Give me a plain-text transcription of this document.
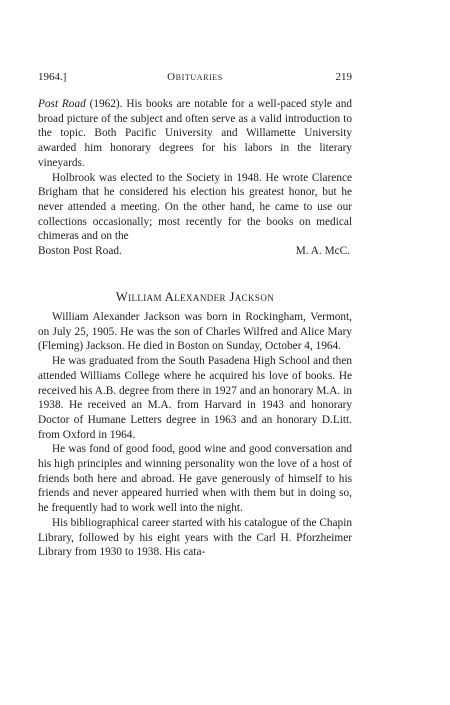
1964.]	Obituaries	219

Post Road (1962). His books are notable for a well-paced style and broad picture of the subject and often serve as a valid introduction to the topic. Both Pacific University and Willamette University awarded him honorary degrees for his labors in the literary vineyards.

Holbrook was elected to the Society in 1948. He wrote Clarence Brigham that he considered his election his greatest honor, but he never attended a meeting. On the other hand, he came to use our collections occasionally; most recently for the books on medical chimeras and on the

Boston Post Road.	M. A. McC.

William Alexander Jackson

William Alexander Jackson was born in Rockingham, Vermont, on July 25, 1905. He was the son of Charles Wilfred and Alice Mary (Fleming) Jackson. He died in Boston on Sunday, October 4, 1964.

He was graduated from the South Pasadena High School and then attended Williams College where he acquired his love of books. He received his A.B. degree from there in 1927 and an honorary M.A. in 1938. He received an M.A. from Harvard in 1943 and honorary Doctor of Humane Letters degree in 1963 and an honorary D.Litt. from Oxford in 1964.

He was fond of good food, good wine and good conversation and his high principles and winning personality won the love of a host of friends both here and abroad. He gave generously of himself to his friends and never appeared hurried when with them but in doing so, he frequently had to work well into the night.

His bibliographical career started with his catalogue of the Chapin Library, followed by his eight years with the Carl H. Pforzheimer Library from 1930 to 1938. His cata-
